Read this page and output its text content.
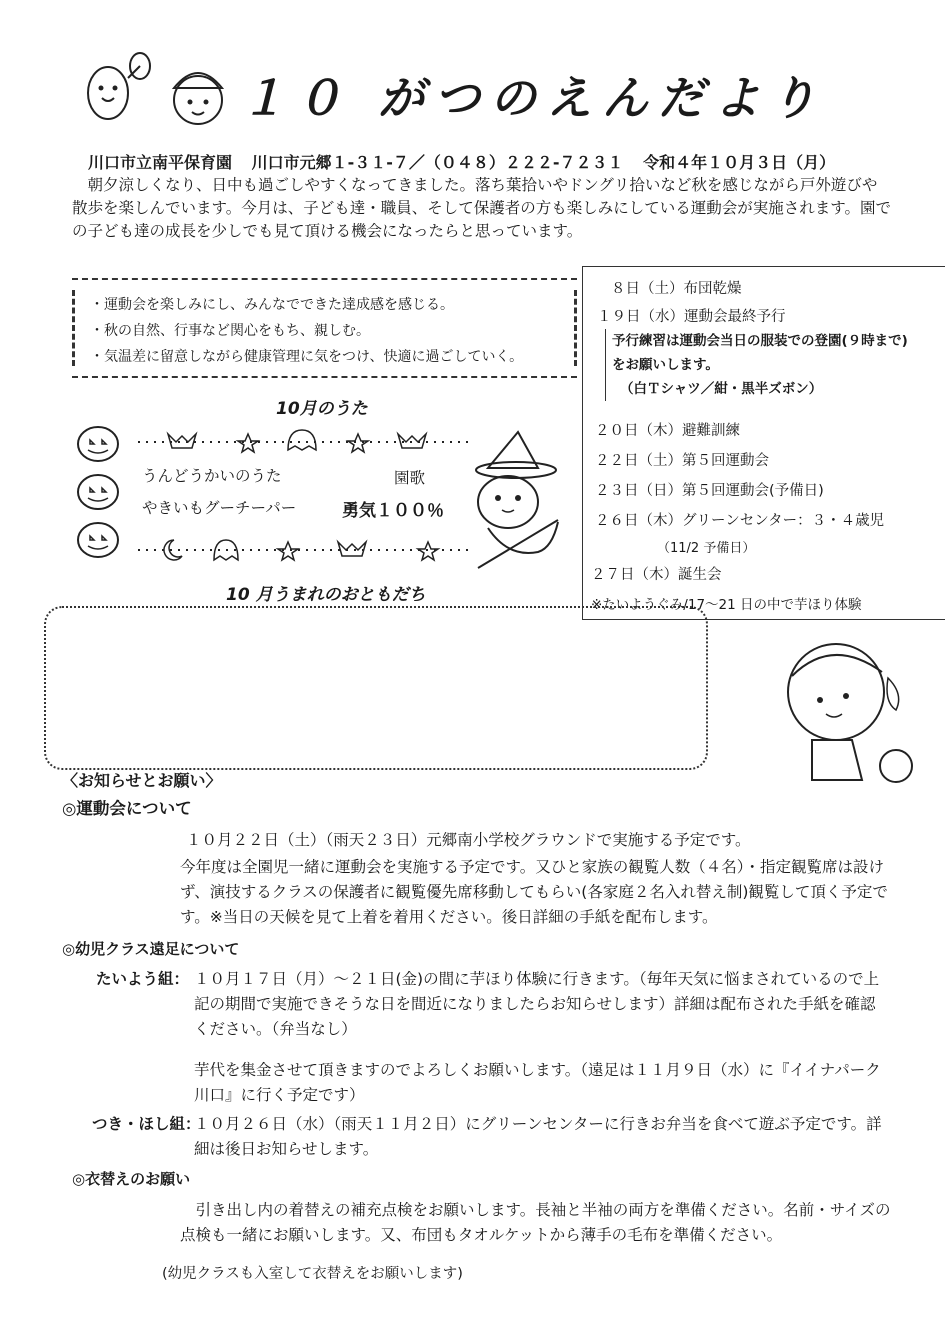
１０ がつのえんだより
川口市立南平保育園 川口市元郷１-３１-７／（０４８）２２２-７２３１ 令和４年１０月３日（月）
朝夕涼しくなり、日中も過ごしやすくなってきました。落ち葉拾いやドングリ拾いなど秋を感じながら戸外遊びや散歩を楽しんでいます。今月は、子ども達・職員、そして保護者の方も楽しみにしている運動会が実施されます。園での子ども達の成長を少しでも見て頂ける機会になったらと思っています。
・運動会を楽しみにし、みんなでできた達成感を感じる。
・秋の自然、行事など関心をもち、親しむ。
・気温差に留意しながら健康管理に気をつけ、快適に過ごしていく。
８日（土）布団乾燥
１９日（水）運動会最終予行
予行練習は運動会当日の服装での登園(９時まで)
をお願いします。
（白Ｔシャツ／紺・黒半ズボン）
２０日（木）避難訓練
２２日（土）第５回運動会
２３日（日）第５回運動会(予備日)
２６日（木）グリーンセンター：３・４歳児
（11/2 予備日）
２７日（木）誕生会
※たいようぐみ/17～21 日の中で芋ほり体験
10月のうた
うんどうかいのうた
やきいもグーチーパー
園歌
勇気１００％
10 月うまれのおともだち
〈お知らせとお願い〉
◎運動会について
１０月２２日（土）（雨天２３日）元郷南小学校グラウンドで実施する予定です。
今年度は全園児一緒に運動会を実施する予定です。又ひと家族の観覧人数（４名）・指定観覧席は設けず、演技するクラスの保護者に観覧優先席移動してもらい(各家庭２名入れ替え制)観覧して頂く予定です。※当日の天候を見て上着を着用ください。後日詳細の手紙を配布します。
◎幼児クラス遠足について
たいよう組： １０月１７日（月）～２１日(金)の間に芋ほり体験に行きます。（毎年天気に悩まされているので上記の期間で実施できそうな日を間近になりましたらお知らせします）詳細は配布された手紙を確認ください。（弁当なし）
芋代を集金させて頂きますのでよろしくお願いします。（遠足は１１月９日（水）に『イイナパーク川口』に行く予定です）
つき・ほし組：
１０月２６日（水）（雨天１１月２日）にグリーンセンターに行きお弁当を食べて遊ぶ予定です。詳細は後日お知らせします。
◎衣替えのお願い
引き出し内の着替えの補充点検をお願いします。長袖と半袖の両方を準備ください。名前・サイズの点検も一緒にお願いします。又、布団もタオルケットから薄手の毛布を準備ください。
(幼児クラスも入室して衣替えをお願いします)
